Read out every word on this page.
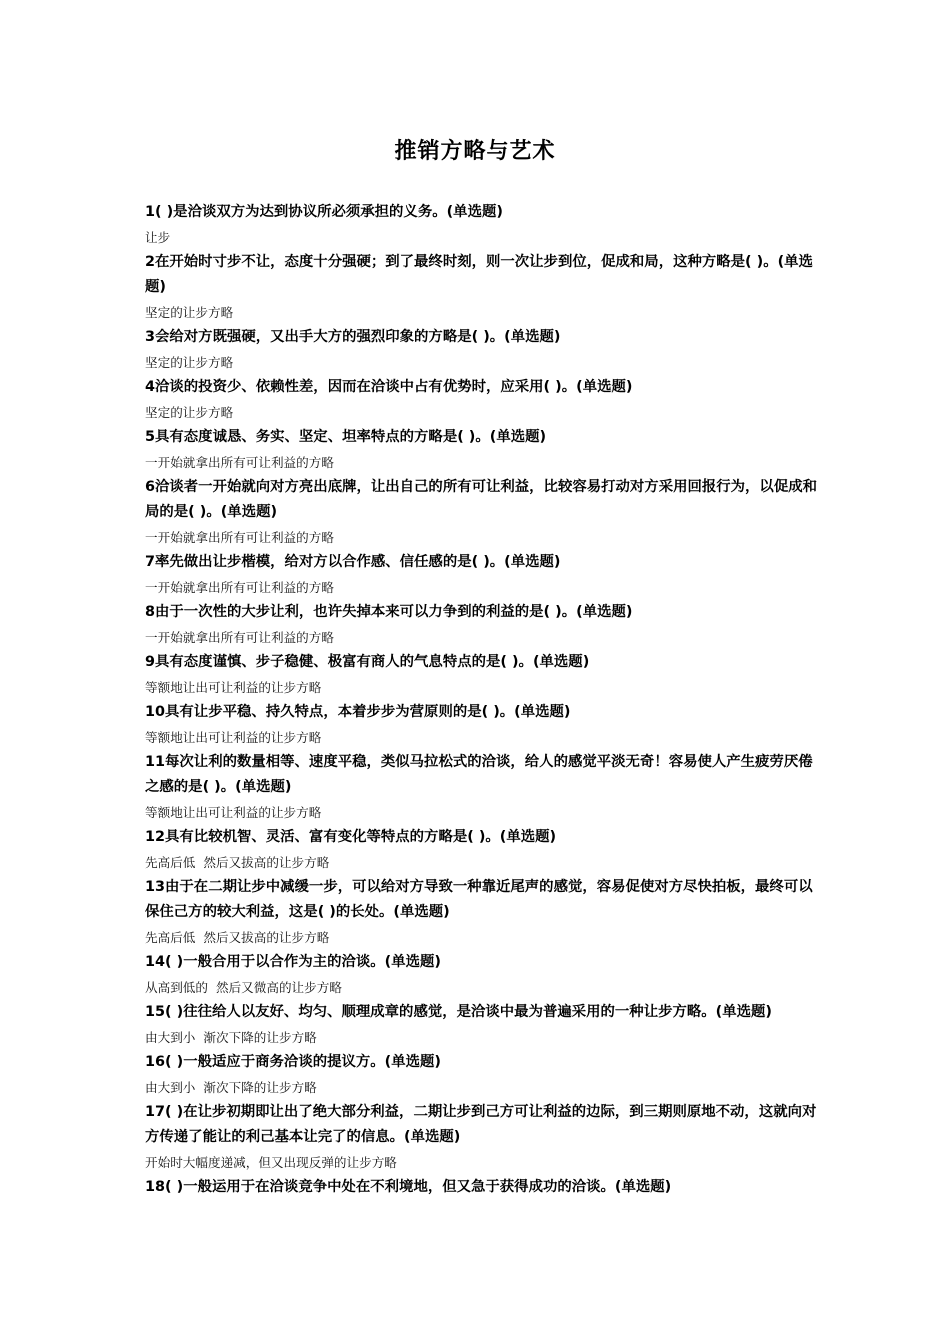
推销方略与艺术

1( )是洽谈双方为达到协议所必须承担的义务。(单选题)

让步

2在开始时寸步不让，态度十分强硬；到了最终时刻，则一次让步到位，促成和局，这种方略是( )。(单选题)

坚定的让步方略

3会给对方既强硬，又出手大方的强烈印象的方略是( )。(单选题)

坚定的让步方略

4洽谈的投资少、依赖性差，因而在洽谈中占有优势时，应采用( )。(单选题)

坚定的让步方略

5具有态度诚恳、务实、坚定、坦率特点的方略是( )。(单选题)

一开始就拿出所有可让利益的方略

6洽谈者一开始就向对方亮出底牌，让出自己的所有可让利益，比较容易打动对方采用回报行为，以促成和局的是( )。(单选题)

一开始就拿出所有可让利益的方略

7率先做出让步楷模，给对方以合作感、信任感的是( )。(单选题)

一开始就拿出所有可让利益的方略

8由于一次性的大步让利，也许失掉本来可以力争到的利益的是( )。(单选题)

一开始就拿出所有可让利益的方略

9具有态度谨慎、步子稳健、极富有商人的气息特点的是( )。(单选题)

等额地让出可让利益的让步方略

10具有让步平稳、持久特点，本着步步为营原则的是( )。(单选题)

等额地让出可让利益的让步方略

11每次让利的数量相等、速度平稳，类似马拉松式的洽谈，给人的感觉平淡无奇！容易使人产生疲劳厌倦之感的是( )。(单选题)

等额地让出可让利益的让步方略

12具有比较机智、灵活、富有变化等特点的方略是( )。(单选题)

先高后低  然后又拔高的让步方略

13由于在二期让步中减缓一步，可以给对方导致一种靠近尾声的感觉，容易促使对方尽快拍板，最终可以保住己方的较大利益，这是( )的长处。(单选题)

先高后低  然后又拔高的让步方略

14( )一般合用于以合作为主的洽谈。(单选题)

从高到低的  然后又微高的让步方略

15( )往往给人以友好、均匀、顺理成章的感觉，是洽谈中最为普遍采用的一种让步方略。(单选题)

由大到小  渐次下降的让步方略

16( )一般适应于商务洽谈的提议方。(单选题)

由大到小  渐次下降的让步方略

17( )在让步初期即让出了绝大部分利益，二期让步到己方可让利益的边际，到三期则原地不动，这就向对方传递了能让的利己基本让完了的信息。(单选题)

开始时大幅度递减，但又出现反弹的让步方略

18( )一般运用于在洽谈竞争中处在不利境地，但又急于获得成功的洽谈。(单选题)
